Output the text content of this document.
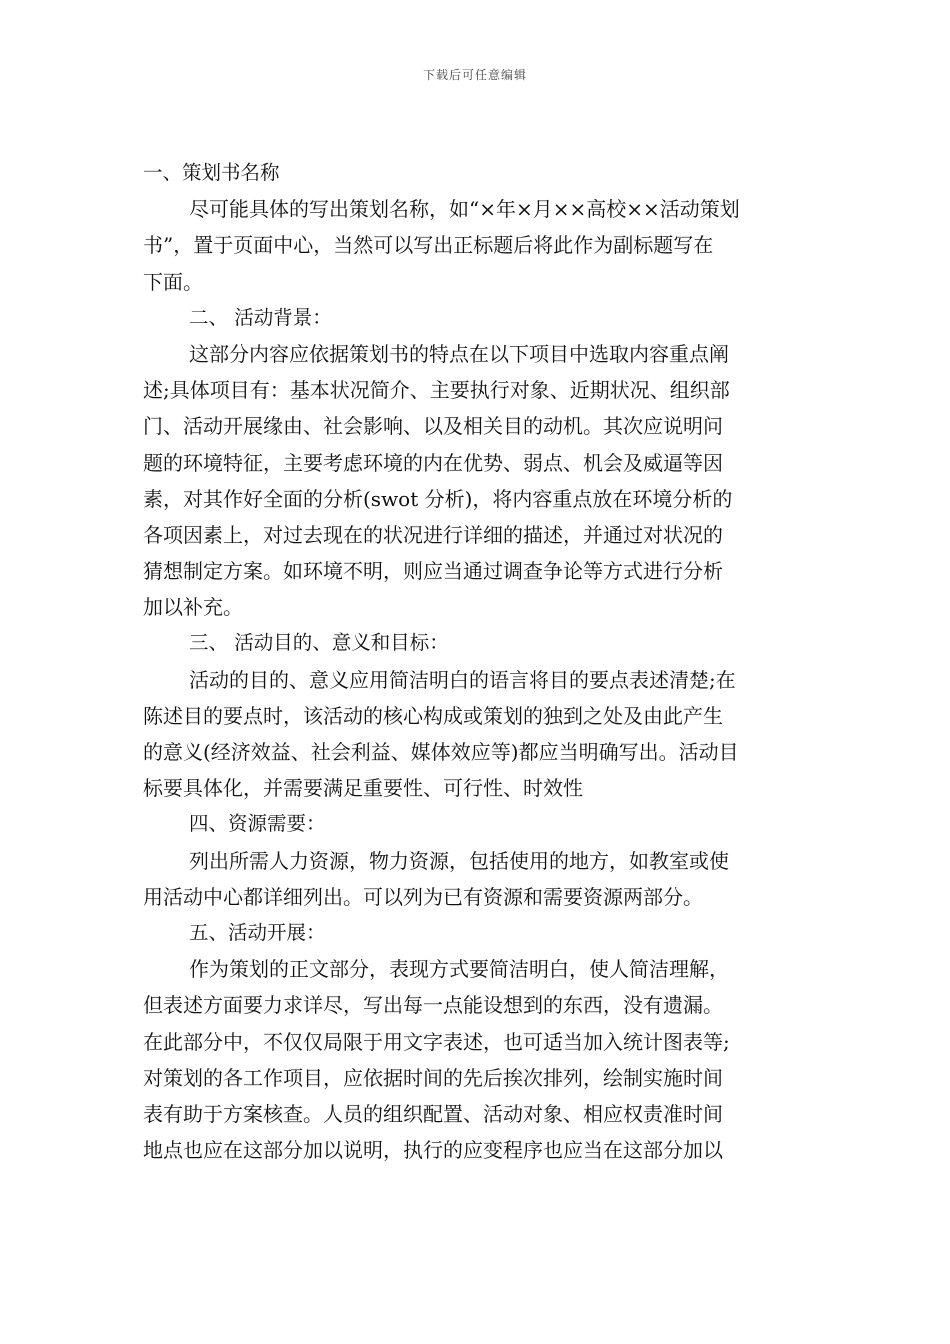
下载后可任意编辑
一、策划书名称
尽可能具体的写出策划名称，如“×年×月××高校××活动策划
书”，置于页面中心，当然可以写出正标题后将此作为副标题写在
下面。
二、 活动背景：
这部分内容应依据策划书的特点在以下项目中选取内容重点阐
述;具体项目有：基本状况简介、主要执行对象、近期状况、组织部
门、活动开展缘由、社会影响、以及相关目的动机。其次应说明问
题的环境特征，主要考虑环境的内在优势、弱点、机会及威逼等因
素，对其作好全面的分析(swot 分析)，将内容重点放在环境分析的
各项因素上，对过去现在的状况进行详细的描述，并通过对状况的
猜想制定方案。如环境不明，则应当通过调查争论等方式进行分析
加以补充。
三、 活动目的、意义和目标：
活动的目的、意义应用简洁明白的语言将目的要点表述清楚;在
陈述目的要点时，该活动的核心构成或策划的独到之处及由此产生
的意义(经济效益、社会利益、媒体效应等)都应当明确写出。活动目
标要具体化，并需要满足重要性、可行性、时效性
四、资源需要：
列出所需人力资源，物力资源，包括使用的地方，如教室或使
用活动中心都详细列出。可以列为已有资源和需要资源两部分。
五、活动开展：
作为策划的正文部分，表现方式要简洁明白，使人简洁理解，
但表述方面要力求详尽，写出每一点能设想到的东西，没有遗漏。
在此部分中，不仅仅局限于用文字表述，也可适当加入统计图表等;
对策划的各工作项目，应依据时间的先后挨次排列，绘制实施时间
表有助于方案核查。人员的组织配置、活动对象、相应权责准时间
地点也应在这部分加以说明，执行的应变程序也应当在这部分加以
